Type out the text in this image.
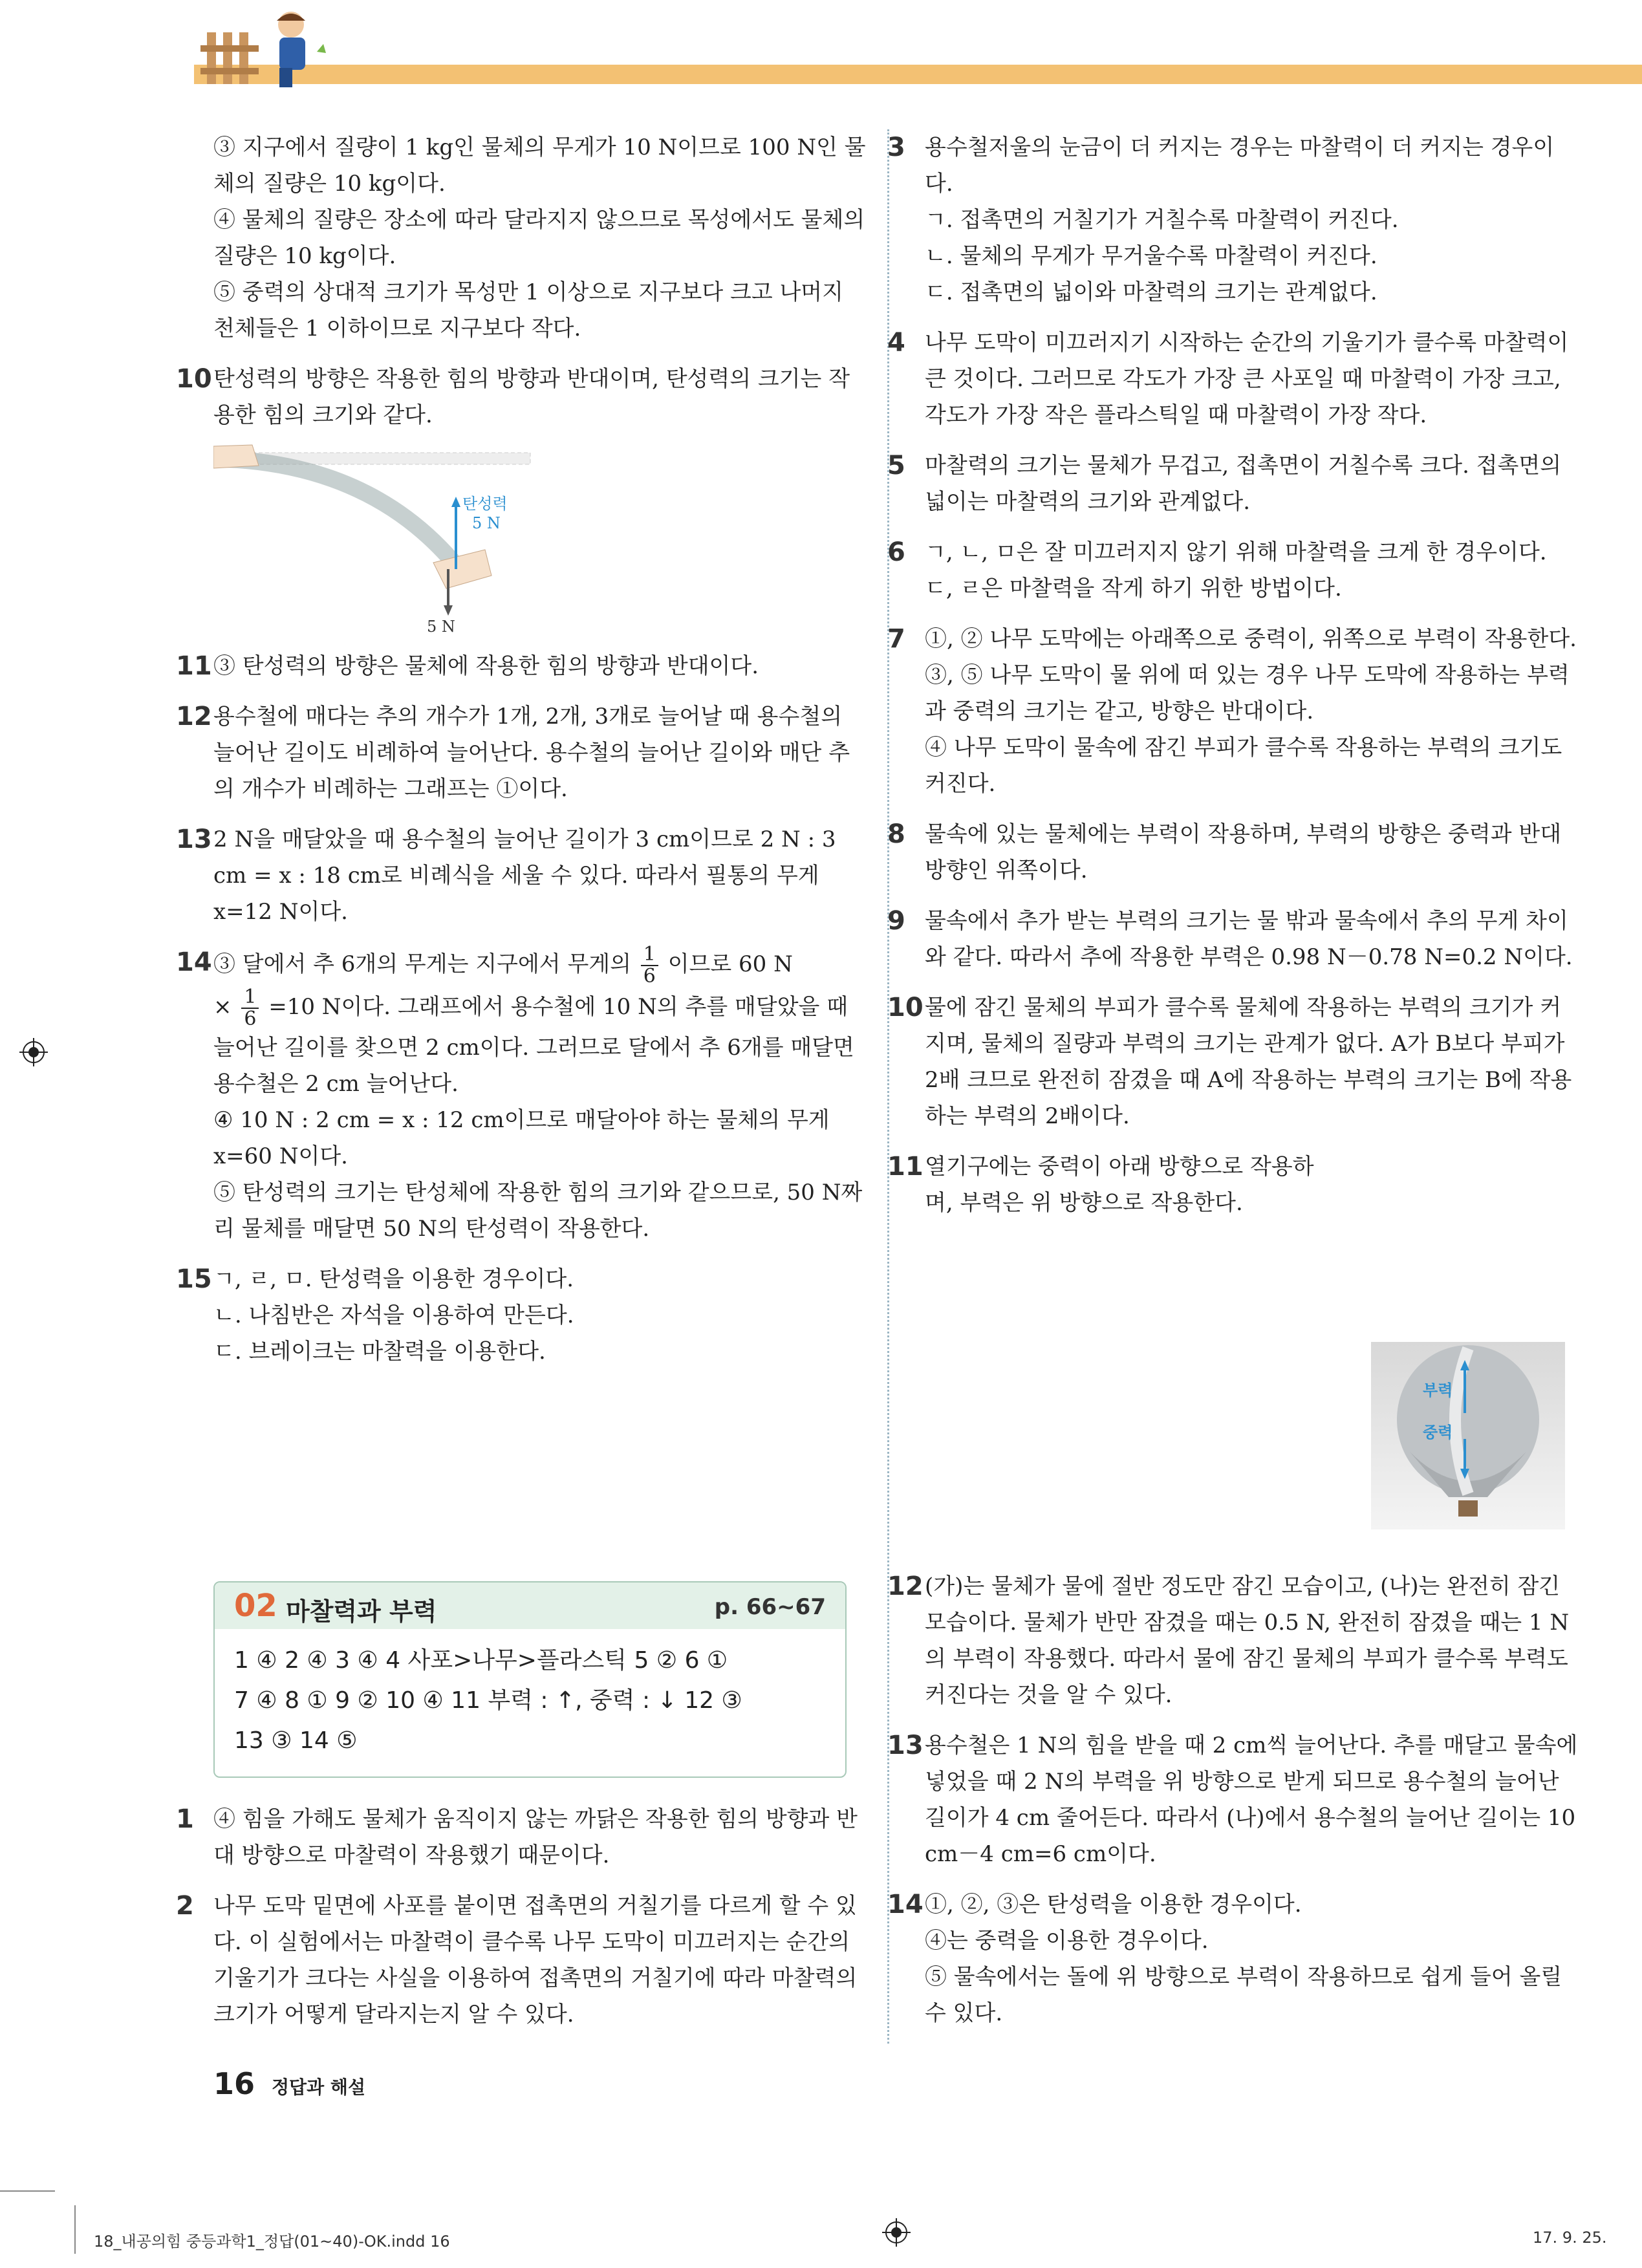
③ 지구에서 질량이 1 kg인 물체의 무게가 10 N이므로 100 N인 물체의 질량은 10 kg이다.

④ 물체의 질량은 장소에 따라 달라지지 않으므로 목성에서도 물체의 질량은 10 kg이다.

⑤ 중력의 상대적 크기가 목성만 1 이상으로 지구보다 크고 나머지 천체들은 1 이하이므로 지구보다 작다.

10 탄성력의 방향은 작용한 힘의 방향과 반대이며, 탄성력의 크기는 작용한 힘의 크기와 같다.

탄성력
5 N
5 N
11 ③ 탄성력의 방향은 물체에 작용한 힘의 방향과 반대이다.

12 용수철에 매다는 추의 개수가 1개, 2개, 3개로 늘어날 때 용수철의 늘어난 길이도 비례하여 늘어난다. 용수철의 늘어난 길이와 매단 추의 개수가 비례하는 그래프는 ①이다.

13 2 N을 매달았을 때 용수철의 늘어난 길이가 3 cm이므로 2 N : 3 cm = x : 18 cm로 비례식을 세울 수 있다. 따라서 필통의 무게 x=12 N이다.

14 ③ 달에서 추 6개의 무게는 지구에서 무게의 $\frac{1}{6}$ 이므로 60 N

× $\frac{1}{6} =10$ N이다. 그래프에서 용수철에 10 N의 추를 매달았을 때 늘어난 길이를 찾으면 2 cm이다. 그러므로 달에서 추 6개를 매달면 용수철은 2 cm 늘어난다.

④ 10 N : 2 cm = x : 12 cm이므로 매달아야 하는 물체의 무게 x=60 N이다.

⑤ 탄성력의 크기는 탄성체에 작용한 힘의 크기와 같으므로, 50 N짜리 물체를 매달면 50 N의 탄성력이 작용한다.

15 ㄱ, ㄹ, ㅁ. 탄성력을 이용한 경우이다.

ㄴ. 나침반은 자석을 이용하여 만든다.

ㄷ. 브레이크는 마찰력을 이용한다.

02 마찰력과 부력	p. 66~67
1 ④ 2 ④ 3 ④ 4 사포>나무>플라스틱 5 ② 6 ①
7 ④ 8 ① 9 ② 10 ④ 11 부력 : ↑, 중력 : ↓ 12 ③
13 ③ 14 ⑤
1 ④ 힘을 가해도 물체가 움직이지 않는 까닭은 작용한 힘의 방향과 반대 방향으로 마찰력이 작용했기 때문이다.

2 나무 도막 밑면에 사포를 붙이면 접촉면의 거칠기를 다르게 할 수 있다. 이 실험에서는 마찰력이 클수록 나무 도막이 미끄러지는 순간의 기울기가 크다는 사실을 이용하여 접촉면의 거칠기에 따라 마찰력의 크기가 어떻게 달라지는지 알 수 있다.

3 용수철저울의 눈금이 더 커지는 경우는 마찰력이 더 커지는 경우이다.

ㄱ. 접촉면의 거칠기가 거칠수록 마찰력이 커진다.

ㄴ. 물체의 무게가 무거울수록 마찰력이 커진다.

ㄷ. 접촉면의 넓이와 마찰력의 크기는 관계없다.

4 나무 도막이 미끄러지기 시작하는 순간의 기울기가 클수록 마찰력이 큰 것이다. 그러므로 각도가 가장 큰 사포일 때 마찰력이 가장 크고, 각도가 가장 작은 플라스틱일 때 마찰력이 가장 작다.

5 마찰력의 크기는 물체가 무겁고, 접촉면이 거칠수록 크다. 접촉면의 넓이는 마찰력의 크기와 관계없다.

6 ㄱ, ㄴ, ㅁ은 잘 미끄러지지 않기 위해 마찰력을 크게 한 경우이다.

ㄷ, ㄹ은 마찰력을 작게 하기 위한 방법이다.

7 ①, ② 나무 도막에는 아래쪽으로 중력이, 위쪽으로 부력이 작용한다.

③, ⑤ 나무 도막이 물 위에 떠 있는 경우 나무 도막에 작용하는 부력과 중력의 크기는 같고, 방향은 반대이다.

④ 나무 도막이 물속에 잠긴 부피가 클수록 작용하는 부력의 크기도 커진다.

8 물속에 있는 물체에는 부력이 작용하며, 부력의 방향은 중력과 반대 방향인 위쪽이다.

9 물속에서 추가 받는 부력의 크기는 물 밖과 물속에서 추의 무게 차이와 같다. 따라서 추에 작용한 부력은 0.98 N－0.78 N=0.2 N이다.

10 물에 잠긴 물체의 부피가 클수록 물체에 작용하는 부력의 크기가 커지며, 물체의 질량과 부력의 크기는 관계가 없다. A가 B보다 부피가 2배 크므로 완전히 잠겼을 때 A에 작용하는 부력의 크기는 B에 작용하는 부력의 2배이다.

11 열기구에는 중력이 아래 방향으로 작용하며, 부력은 위 방향으로 작용한다.

부력
중력
12 (가)는 물체가 물에 절반 정도만 잠긴 모습이고, (나)는 완전히 잠긴 모습이다. 물체가 반만 잠겼을 때는 0.5 N, 완전히 잠겼을 때는 1 N의 부력이 작용했다. 따라서 물에 잠긴 물체의 부피가 클수록 부력도 커진다는 것을 알 수 있다.

13 용수철은 1 N의 힘을 받을 때 2 cm씩 늘어난다. 추를 매달고 물속에 넣었을 때 2 N의 부력을 위 방향으로 받게 되므로 용수철의 늘어난 길이가 4 cm 줄어든다. 따라서 (나)에서 용수철의 늘어난 길이는 10 cm－4 cm=6 cm이다.

14 ①, ②, ③은 탄성력을 이용한 경우이다.

④는 중력을 이용한 경우이다.

⑤ 물속에서는 돌에 위 방향으로 부력이 작용하므로 쉽게 들어 올릴 수 있다.

16 정답과 해설
18_내공의힘 중등과학1_정답(01~40)-OK.indd 16	17. 9. 25.
